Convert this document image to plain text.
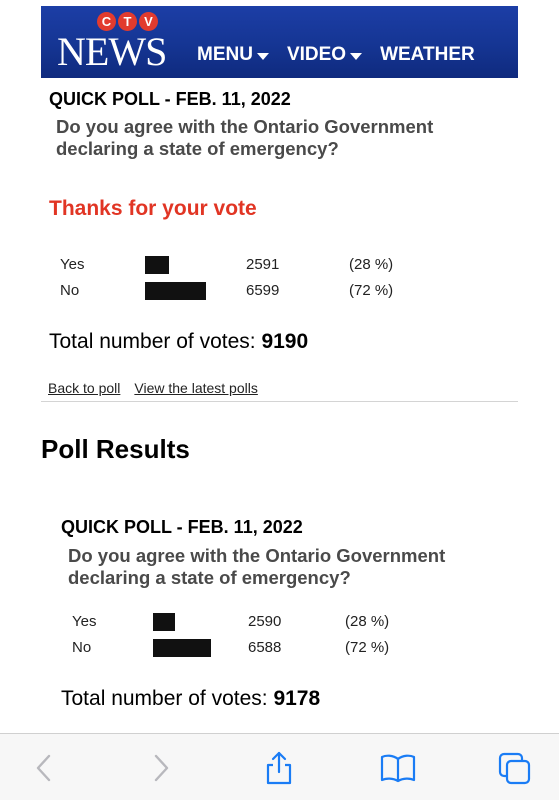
C T V
NEWS MENU VIDEO WEATHER
QUICK POLL - FEB. 11, 2022
Do you agree with the Ontario Government
declaring a state of emergency?
Thanks for your vote
Yes	2591	(28 %)
No	6599	(72 %)
Total number of votes: 9190
Back to poll View the latest polls
Poll Results
QUICK POLL - FEB. 11, 2022
Do you agree with the Ontario Government
declaring a state of emergency?
Yes	2590	(28 %)
No	6588	(72 %)
Total number of votes: 9178
